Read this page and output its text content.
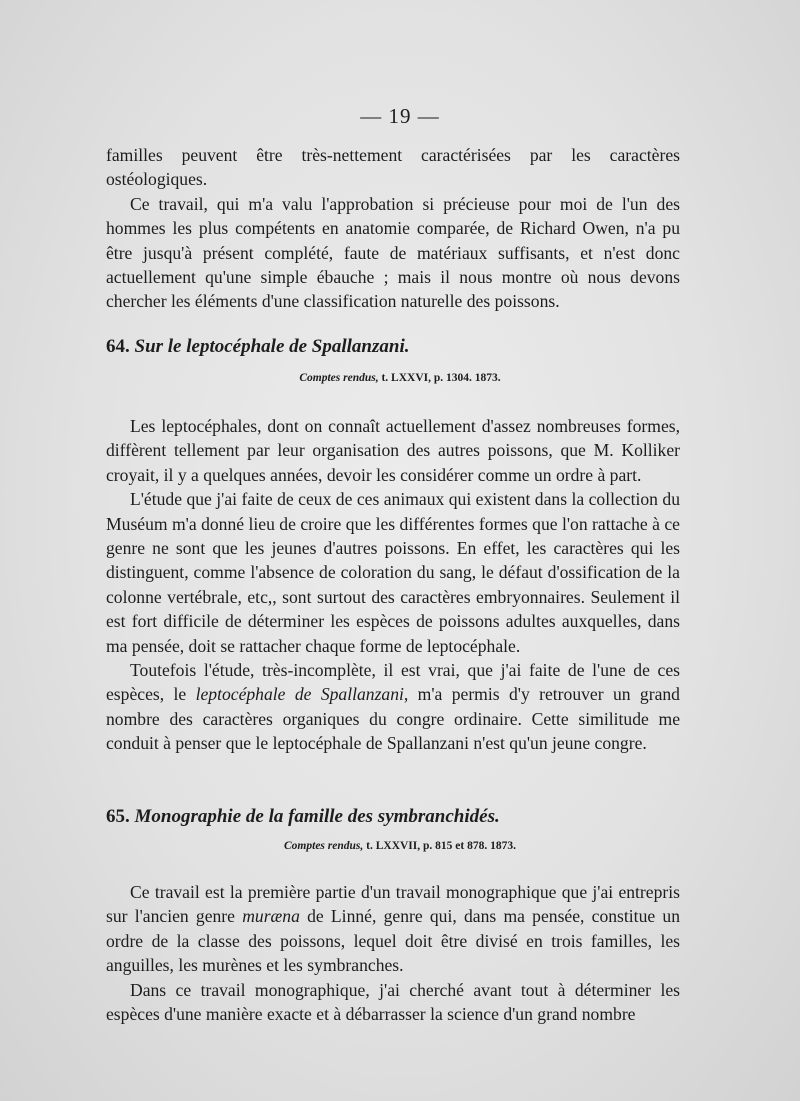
— 19 —

familles peuvent être très-nettement caractérisées par les caractères ostéologiques.

Ce travail, qui m'a valu l'approbation si précieuse pour moi de l'un des hommes les plus compétents en anatomie comparée, de Richard Owen, n'a pu être jusqu'à présent complété, faute de matériaux suffisants, et n'est donc actuellement qu'une simple ébauche ; mais il nous montre où nous devons chercher les éléments d'une classification naturelle des poissons.

64. Sur le leptocéphale de Spallanzani.
Comptes rendus, t. LXXVI, p. 1304. 1873.

Les leptocéphales, dont on connaît actuellement d'assez nombreuses formes, diffèrent tellement par leur organisation des autres poissons, que M. Kolliker croyait, il y a quelques années, devoir les considérer comme un ordre à part.

L'étude que j'ai faite de ceux de ces animaux qui existent dans la collection du Muséum m'a donné lieu de croire que les différentes formes que l'on rattache à ce genre ne sont que les jeunes d'autres poissons. En effet, les caractères qui les distinguent, comme l'absence de coloration du sang, le défaut d'ossification de la colonne vertébrale, etc,, sont surtout des caractères embryonnaires. Seulement il est fort difficile de déterminer les espèces de poissons adultes auxquelles, dans ma pensée, doit se rattacher chaque forme de leptocéphale.

Toutefois l'étude, très-incomplète, il est vrai, que j'ai faite de l'une de ces espèces, le leptocéphale de Spallanzani, m'a permis d'y retrouver un grand nombre des caractères organiques du congre ordinaire. Cette similitude me conduit à penser que le leptocéphale de Spallanzani n'est qu'un jeune congre.

65. Monographie de la famille des symbranchidés.
Comptes rendus, t. LXXVII, p. 815 et 878. 1873.

Ce travail est la première partie d'un travail monographique que j'ai entrepris sur l'ancien genre muræna de Linné, genre qui, dans ma pensée, constitue un ordre de la classe des poissons, lequel doit être divisé en trois familles, les anguilles, les murènes et les symbranches.

Dans ce travail monographique, j'ai cherché avant tout à déterminer les espèces d'une manière exacte et à débarrasser la science d'un grand nombre
